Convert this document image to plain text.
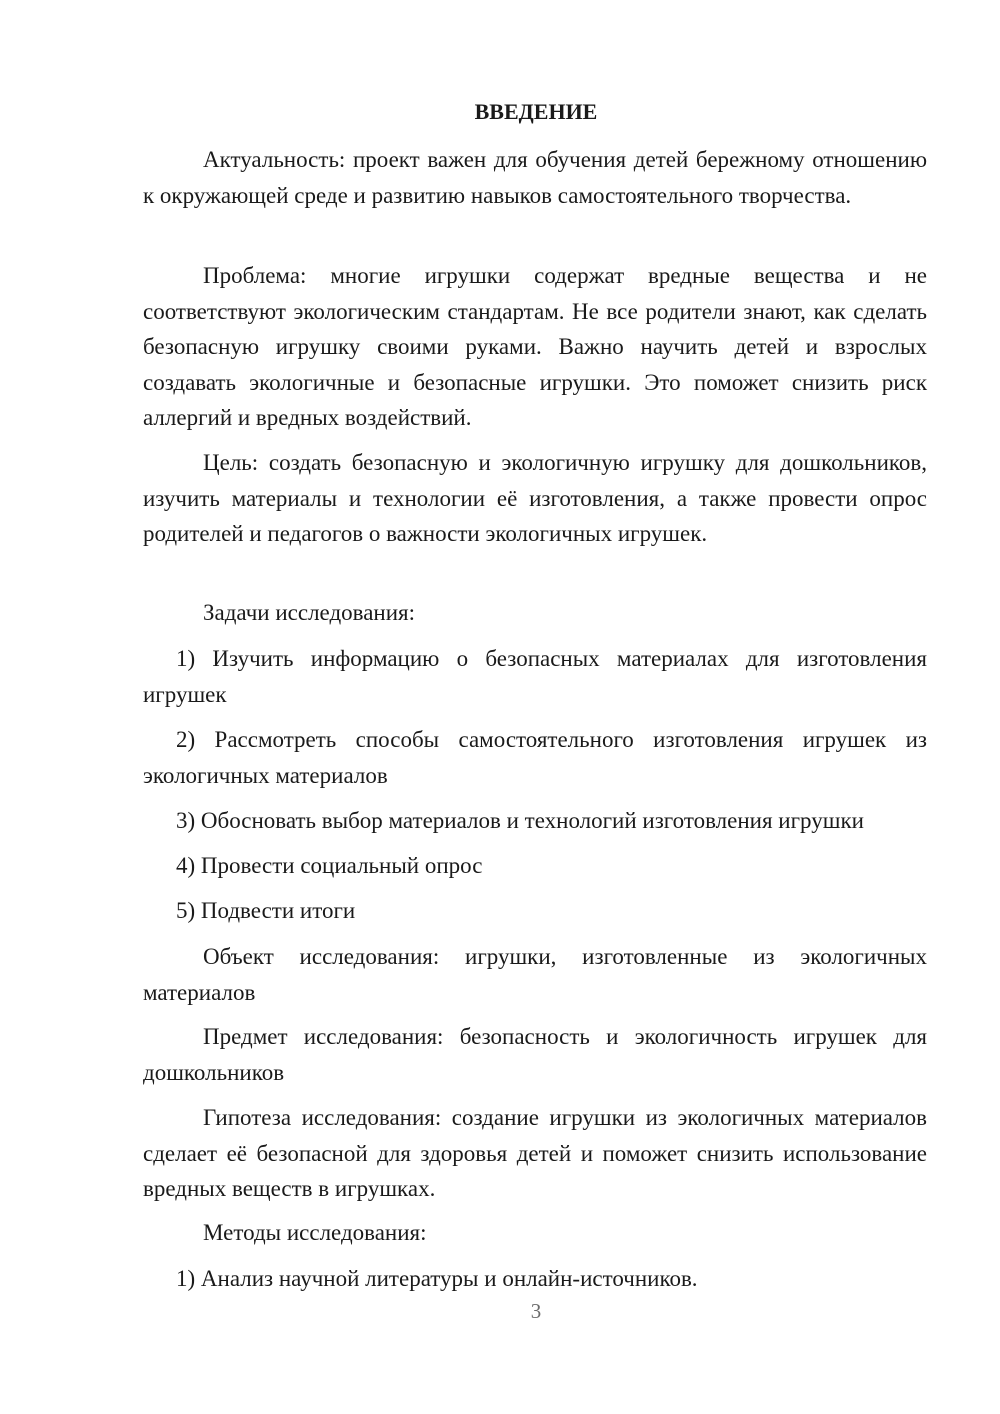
ВВЕДЕНИЕ

Актуальность: проект важен для обучения детей бережному отношению к окружающей среде и развитию навыков самостоятельного творчества.

Проблема: многие игрушки содержат вредные вещества и не соответствуют экологическим стандартам. Не все родители знают, как сделать безопасную игрушку своими руками. Важно научить детей и взрослых создавать экологичные и безопасные игрушки. Это поможет снизить риск аллергий и вредных воздействий.

Цель: создать безопасную и экологичную игрушку для дошкольников, изучить материалы и технологии её изготовления, а также провести опрос родителей и педагогов о важности экологичных игрушек.

Задачи исследования:

1) Изучить информацию о безопасных материалах для изготовления игрушек

2) Рассмотреть способы самостоятельного изготовления игрушек из экологичных материалов

3) Обосновать выбор материалов и технологий изготовления игрушки

4) Провести социальный опрос

5) Подвести итоги

Объект исследования: игрушки, изготовленные из экологичных материалов

Предмет исследования: безопасность и экологичность игрушек для дошкольников

Гипотеза исследования: создание игрушки из экологичных материалов сделает её безопасной для здоровья детей и поможет снизить использование вредных веществ в игрушках.

Методы исследования:

1) Анализ научной литературы и онлайн-источников.

3
